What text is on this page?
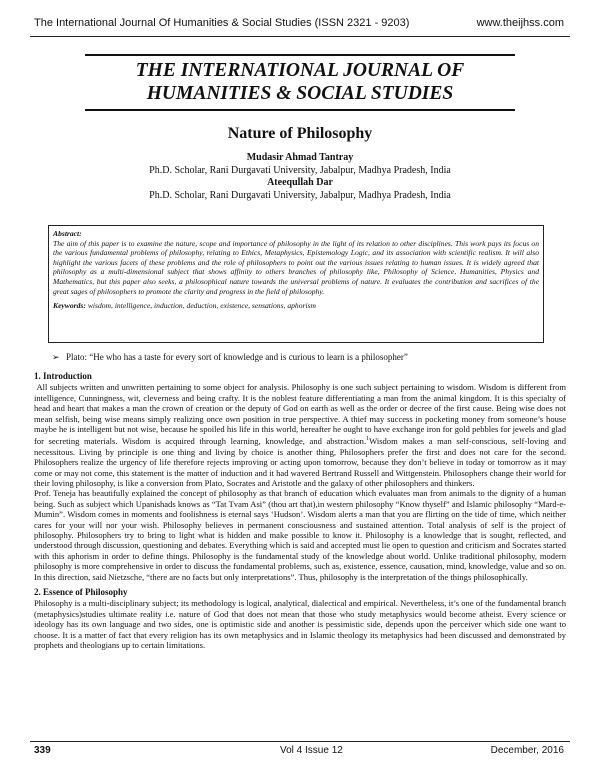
The International Journal Of Humanities & Social Studies (ISSN 2321 - 9203)	www.theijhss.com
THE INTERNATIONAL JOURNAL OF
HUMANITIES & SOCIAL STUDIES
Nature of Philosophy
Mudasir Ahmad Tantray
Ph.D. Scholar, Rani Durgavati University, Jabalpur, Madhya Pradesh, India
Ateequllah Dar
Ph.D. Scholar, Rani Durgavati University, Jabalpur, Madhya Pradesh, India
Abstract:
The aim of this paper is to examine the nature, scope and importance of philosophy in the light of its relation to other disciplines. This work pays its focus on the various fundamental problems of philosophy, relating to Ethics, Metaphysics, Epistemology Logic, and its association with scientific realism. It will also highlight the various facets of these problems and the role of philosophers to point out the various issues relating to human issues. It is widely agreed that philosophy as a multi-dimensional subject that shows affinity to others branches of philosophy like, Philosophy of Science, Humanities, Physics and Mathematics, but this paper also seeks, a philosophical nature towards the universal problems of nature. It evaluates the contribution and sacrifices of the great sages of philosophers to promote the clarity and progress in the field of philosophy.
Keywords: wisdom, intelligence, induction, deduction, existence, sensations, aphorism
➢ Plato: “He who has a taste for every sort of knowledge and is curious to learn is a philosopher”

1. Introduction

All subjects written and unwritten pertaining to some object for analysis. Philosophy is one such subject pertaining to wisdom. Wisdom is different from intelligence, Cunningness, wit, cleverness and being crafty. It is the noblest feature differentiating a man from the animal kingdom. It is this specialty of head and heart that makes a man the crown of creation or the deputy of God on earth as well as the order or decree of the first cause. Being wise does not mean selfish, being wise means simply realizing once own position in true perspective. A thief may success in pocketing money from someone’s house maybe he is intelligent but not wise, because he spoiled his life in this world, hereafter he ought to have exchange iron for gold pebbles for jewels and glad for secreting materials. Wisdom is acquired through learning, knowledge, and abstraction.$^1$Wisdom makes a man self-conscious, self-loving and necessitous. Living by principle is one thing and living by choice is another thing, Philosophers prefer the first and does not care for the second. Philosophers realize the urgency of life therefore rejects improving or acting upon tomorrow, because they don’t believe in today or tomorrow as it may come or may not come, this statement is the matter of induction and it had wavered Bertrand Russell and Wittgenstein. Philosophers change their world for their loving philosophy, is like a conversion from Plato, Socrates and Aristotle and the galaxy of other philosophers and thinkers.

Prof. Teneja has beautifully explained the concept of philosophy as that branch of education which evaluates man from animals to the dignity of a human being. Such as subject which Upanishads knows as “Tat Tvam Asi” (thou art that),in western philosophy “Know thyself” and Islamic philosophy “Mard-e-Mumin”. Wisdom comes in moments and foolishness is eternal says ‘Hudson’. Wisdom alerts a man that you are flirting on the tide of time, which neither cares for your will nor your wish. Philosophy believes in permanent consciousness and sustained attention. Total analysis of self is the project of philosophy. Philosophers try to bring to light what is hidden and make possible to know it. Philosophy is a knowledge that is sought, reflected, and understood through discussion, questioning and debates. Everything which is said and accepted must lie open to question and criticism and Socrates started with this aphorism in order to define things. Philosophy is the fundamental study of the knowledge about world. Unlike traditional philosophy, modern philosophy is more comprehensive in order to discuss the fundamental problems, such as, existence, essence, causation, mind, knowledge, value and so on. In this direction, said Nietzsche, “there are no facts but only interpretations”. Thus, philosophy is the interpretation of the things philosophically.

2. Essence of Philosophy

Philosophy is a multi-disciplinary subject; its methodology is logical, analytical, dialectical and empirical. Nevertheless, it’s one of the fundamental branch (metaphysics)studies ultimate reality i.e. nature of God that does not mean that those who study metaphysics would become atheist. Every science or ideology has its own language and two sides, one is optimistic side and another is pessimistic side, depends upon the perceiver which side one want to choose. It is a matter of fact that every religion has its own metaphysics and in Islamic theology its metaphysics had been discussed and demonstrated by prophets and theologians up to certain limitations.

339	Vol 4 Issue 12	December, 2016
